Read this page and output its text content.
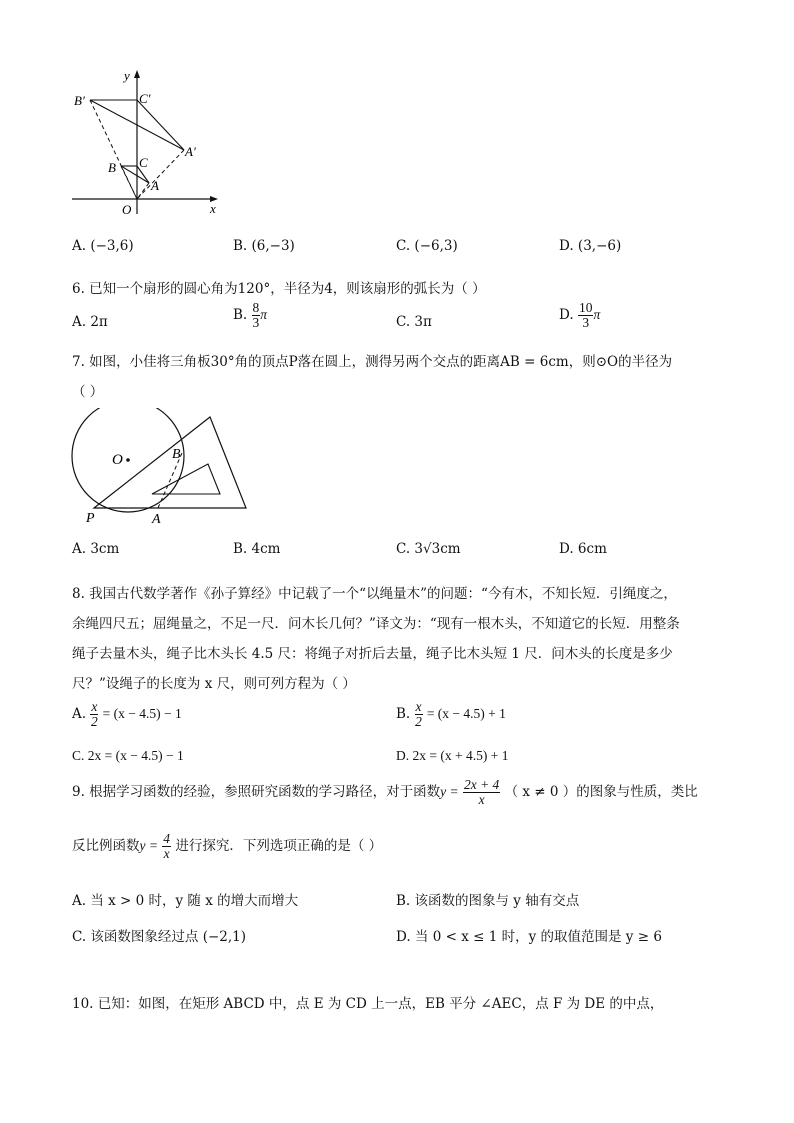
y
x
O
B′	C′
A′
B C
A
A. (−3,6)	B. (6,−3)	C. (−6,3)	D. (3,−6)
6. 已知一个扇形的圆心角为120°，半径为4，则该扇形的弧长为（ ）
A. 2π	B. $\frac{8}{3}$ π	C. 3π	D. $\frac{10}{3}$ π
7. 如图，小佳将三角板30°角的顶点P落在圆上，测得另两个交点的距离AB = 6cm，则⊙O的半径为
（ ）
O	B
P	A
A. 3cm	B. 4cm	C. 3√3cm	D. 6cm
8. 我国古代数学著作《孙子算经》中记载了一个“以绳量木”的问题：“今有木，不知长短．引绳度之，
余绳四尺五；屈绳量之，不足一尺．问木长几何？”译文为：“现有一根木头，不知道它的长短．用整条
绳子去量木头，绳子比木头长 4.5 尺：将绳子对折后去量，绳子比木头短 1 尺．问木头的长度是多少
尺？”设绳子的长度为 x 尺，则可列方程为（ ）
A. $\frac{x}{2} = (x - 4.5) - 1$	B. $\frac{x}{2} = (x - 4.5) + 1$
C. 2x = (x − 4.5) − 1	D. 2x = (x + 4.5) + 1
9. 根据学习函数的经验，参照研究函数的学习路径，对于函数$y = \frac{2x + 4}{x}$ （ x ≠ 0 ）的图象与性质，类比
反比例函数$y = \frac{4}{x}$ 进行探究．下列选项正确的是（ ）
A. 当 x > 0 时，y 随 x 的增大而增大	B. 该函数的图象与 y 轴有交点
C. 该函数图象经过点 (−2,1)	D. 当 0 < x ≤ 1 时，y 的取值范围是 y ≥ 6
10. 已知：如图，在矩形 ABCD 中，点 E 为 CD 上一点，EB 平分 ∠AEC，点 F 为 DE 的中点，
